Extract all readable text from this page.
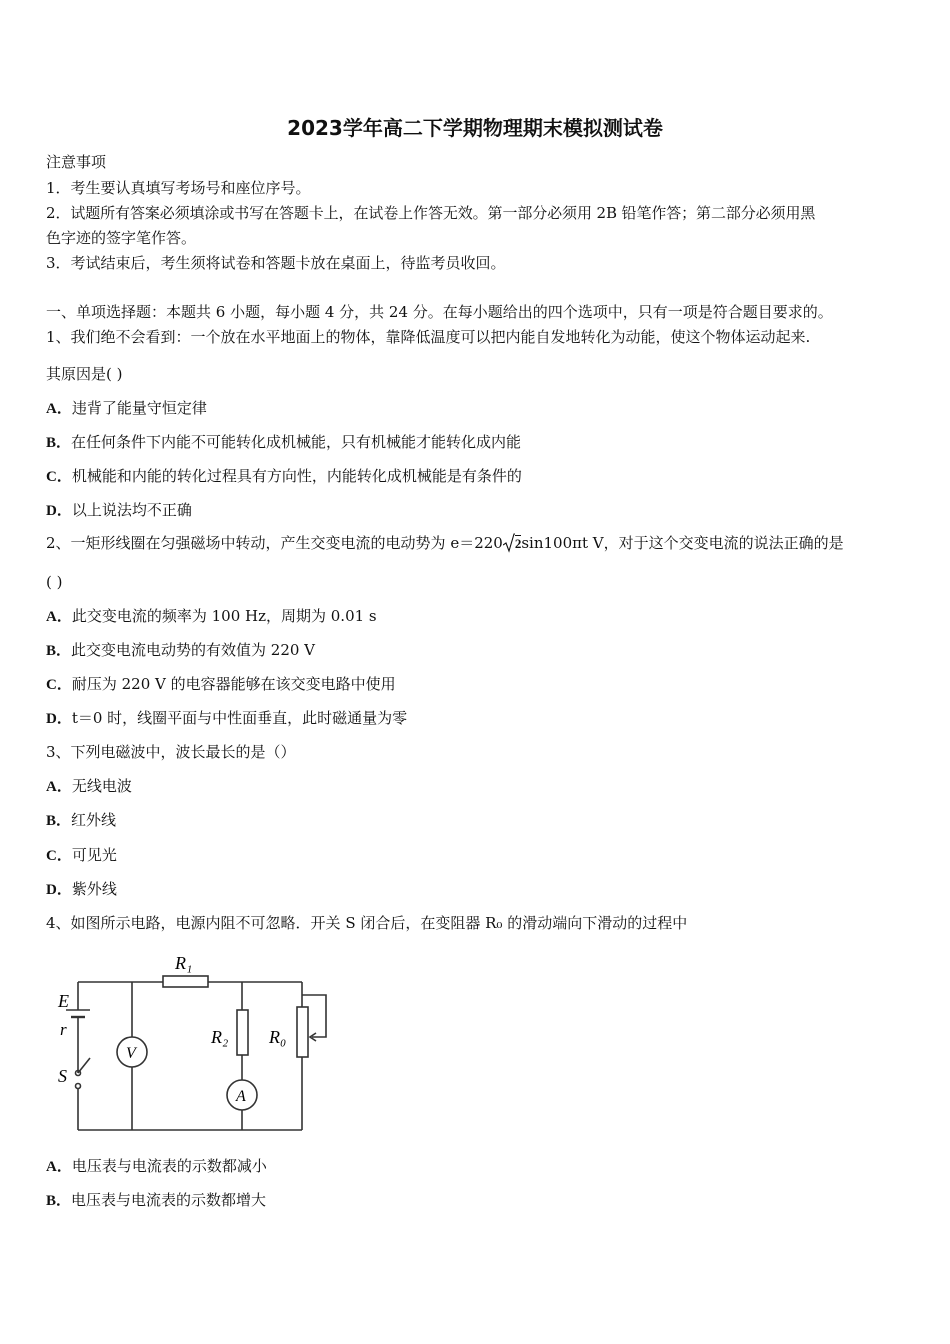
2023学年高二下学期物理期末模拟测试卷
注意事项
1．考生要认真填写考场号和座位序号。
2．试题所有答案必须填涂或书写在答题卡上，在试卷上作答无效。第一部分必须用 2B 铅笔作答；第二部分必须用黑
色字迹的签字笔作答。
3．考试结束后，考生须将试卷和答题卡放在桌面上，待监考员收回。
一、单项选择题：本题共 6 小题，每小题 4 分，共 24 分。在每小题给出的四个选项中，只有一项是符合题目要求的。
1、我们绝不会看到：一个放在水平地面上的物体，靠降低温度可以把内能自发地转化为动能，使这个物体运动起来.
其原因是( )
A．违背了能量守恒定律
B．在任何条件下内能不可能转化成机械能，只有机械能才能转化成内能
C．机械能和内能的转化过程具有方向性，内能转化成机械能是有条件的
D．以上说法均不正确
2、一矩形线圈在匀强磁场中转动，产生交变电流的电动势为 e＝220 2sin100πt V，对于这个交变电流的说法正确的是
( )
A．此交变电流的频率为 100 Hz，周期为 0.01 s
B．此交变电流电动势的有效值为 220 V
C．耐压为 220 V 的电容器能够在该交变电路中使用
D．t＝0 时，线圈平面与中性面垂直，此时磁通量为零
3、下列电磁波中，波长最长的是（）
A．无线电波
B．红外线
C．可见光
D．紫外线
4、如图所示电路，电源内阻不可忽略．开关 S 闭合后，在变阻器 R₀ 的滑动端向下滑动的过程中
R₁
E
r
S
R₂ R₀
V
A
A．电压表与电流表的示数都减小
B．电压表与电流表的示数都增大
